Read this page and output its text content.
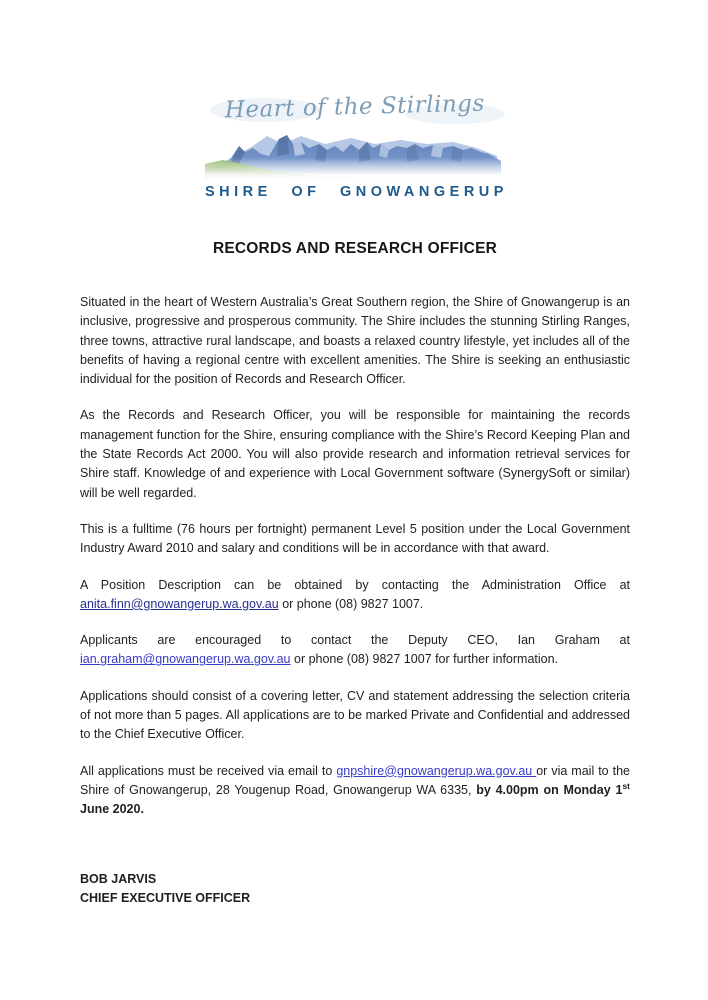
Heart of the Stirlings
SHIRE OF GNOWANGERUP
RECORDS AND RESEARCH OFFICER

Situated in the heart of Western Australia’s Great Southern region, the Shire of Gnowangerup is an inclusive, progressive and prosperous community. The Shire includes the stunning Stirling Ranges, three towns, attractive rural landscape, and boasts a relaxed country lifestyle, yet includes all of the benefits of having a regional centre with excellent amenities. The Shire is seeking an enthusiastic individual for the position of Records and Research Officer.

As the Records and Research Officer, you will be responsible for maintaining the records management function for the Shire, ensuring compliance with the Shire’s Record Keeping Plan and the State Records Act 2000. You will also provide research and information retrieval services for Shire staff. Knowledge of and experience with Local Government software (SynergySoft or similar) will be well regarded.

This is a fulltime (76 hours per fortnight) permanent Level 5 position under the Local Government Industry Award 2010 and salary and conditions will be in accordance with that award.

A Position Description can be obtained by contacting the Administration Office at anita.finn@gnowangerup.wa.gov.au or phone (08) 9827 1007.

Applicants are encouraged to contact the Deputy CEO, Ian Graham at ian.graham@gnowangerup.wa.gov.au or phone (08) 9827 1007 for further information.

Applications should consist of a covering letter, CV and statement addressing the selection criteria of not more than 5 pages. All applications are to be marked Private and Confidential and addressed to the Chief Executive Officer.

All applications must be received via email to gnpshire@gnowangerup.wa.gov.au or via mail to the Shire of Gnowangerup, 28 Yougenup Road, Gnowangerup WA 6335, by 4.00pm on Monday 1st June 2020.

BOB JARVIS
CHIEF EXECUTIVE OFFICER
